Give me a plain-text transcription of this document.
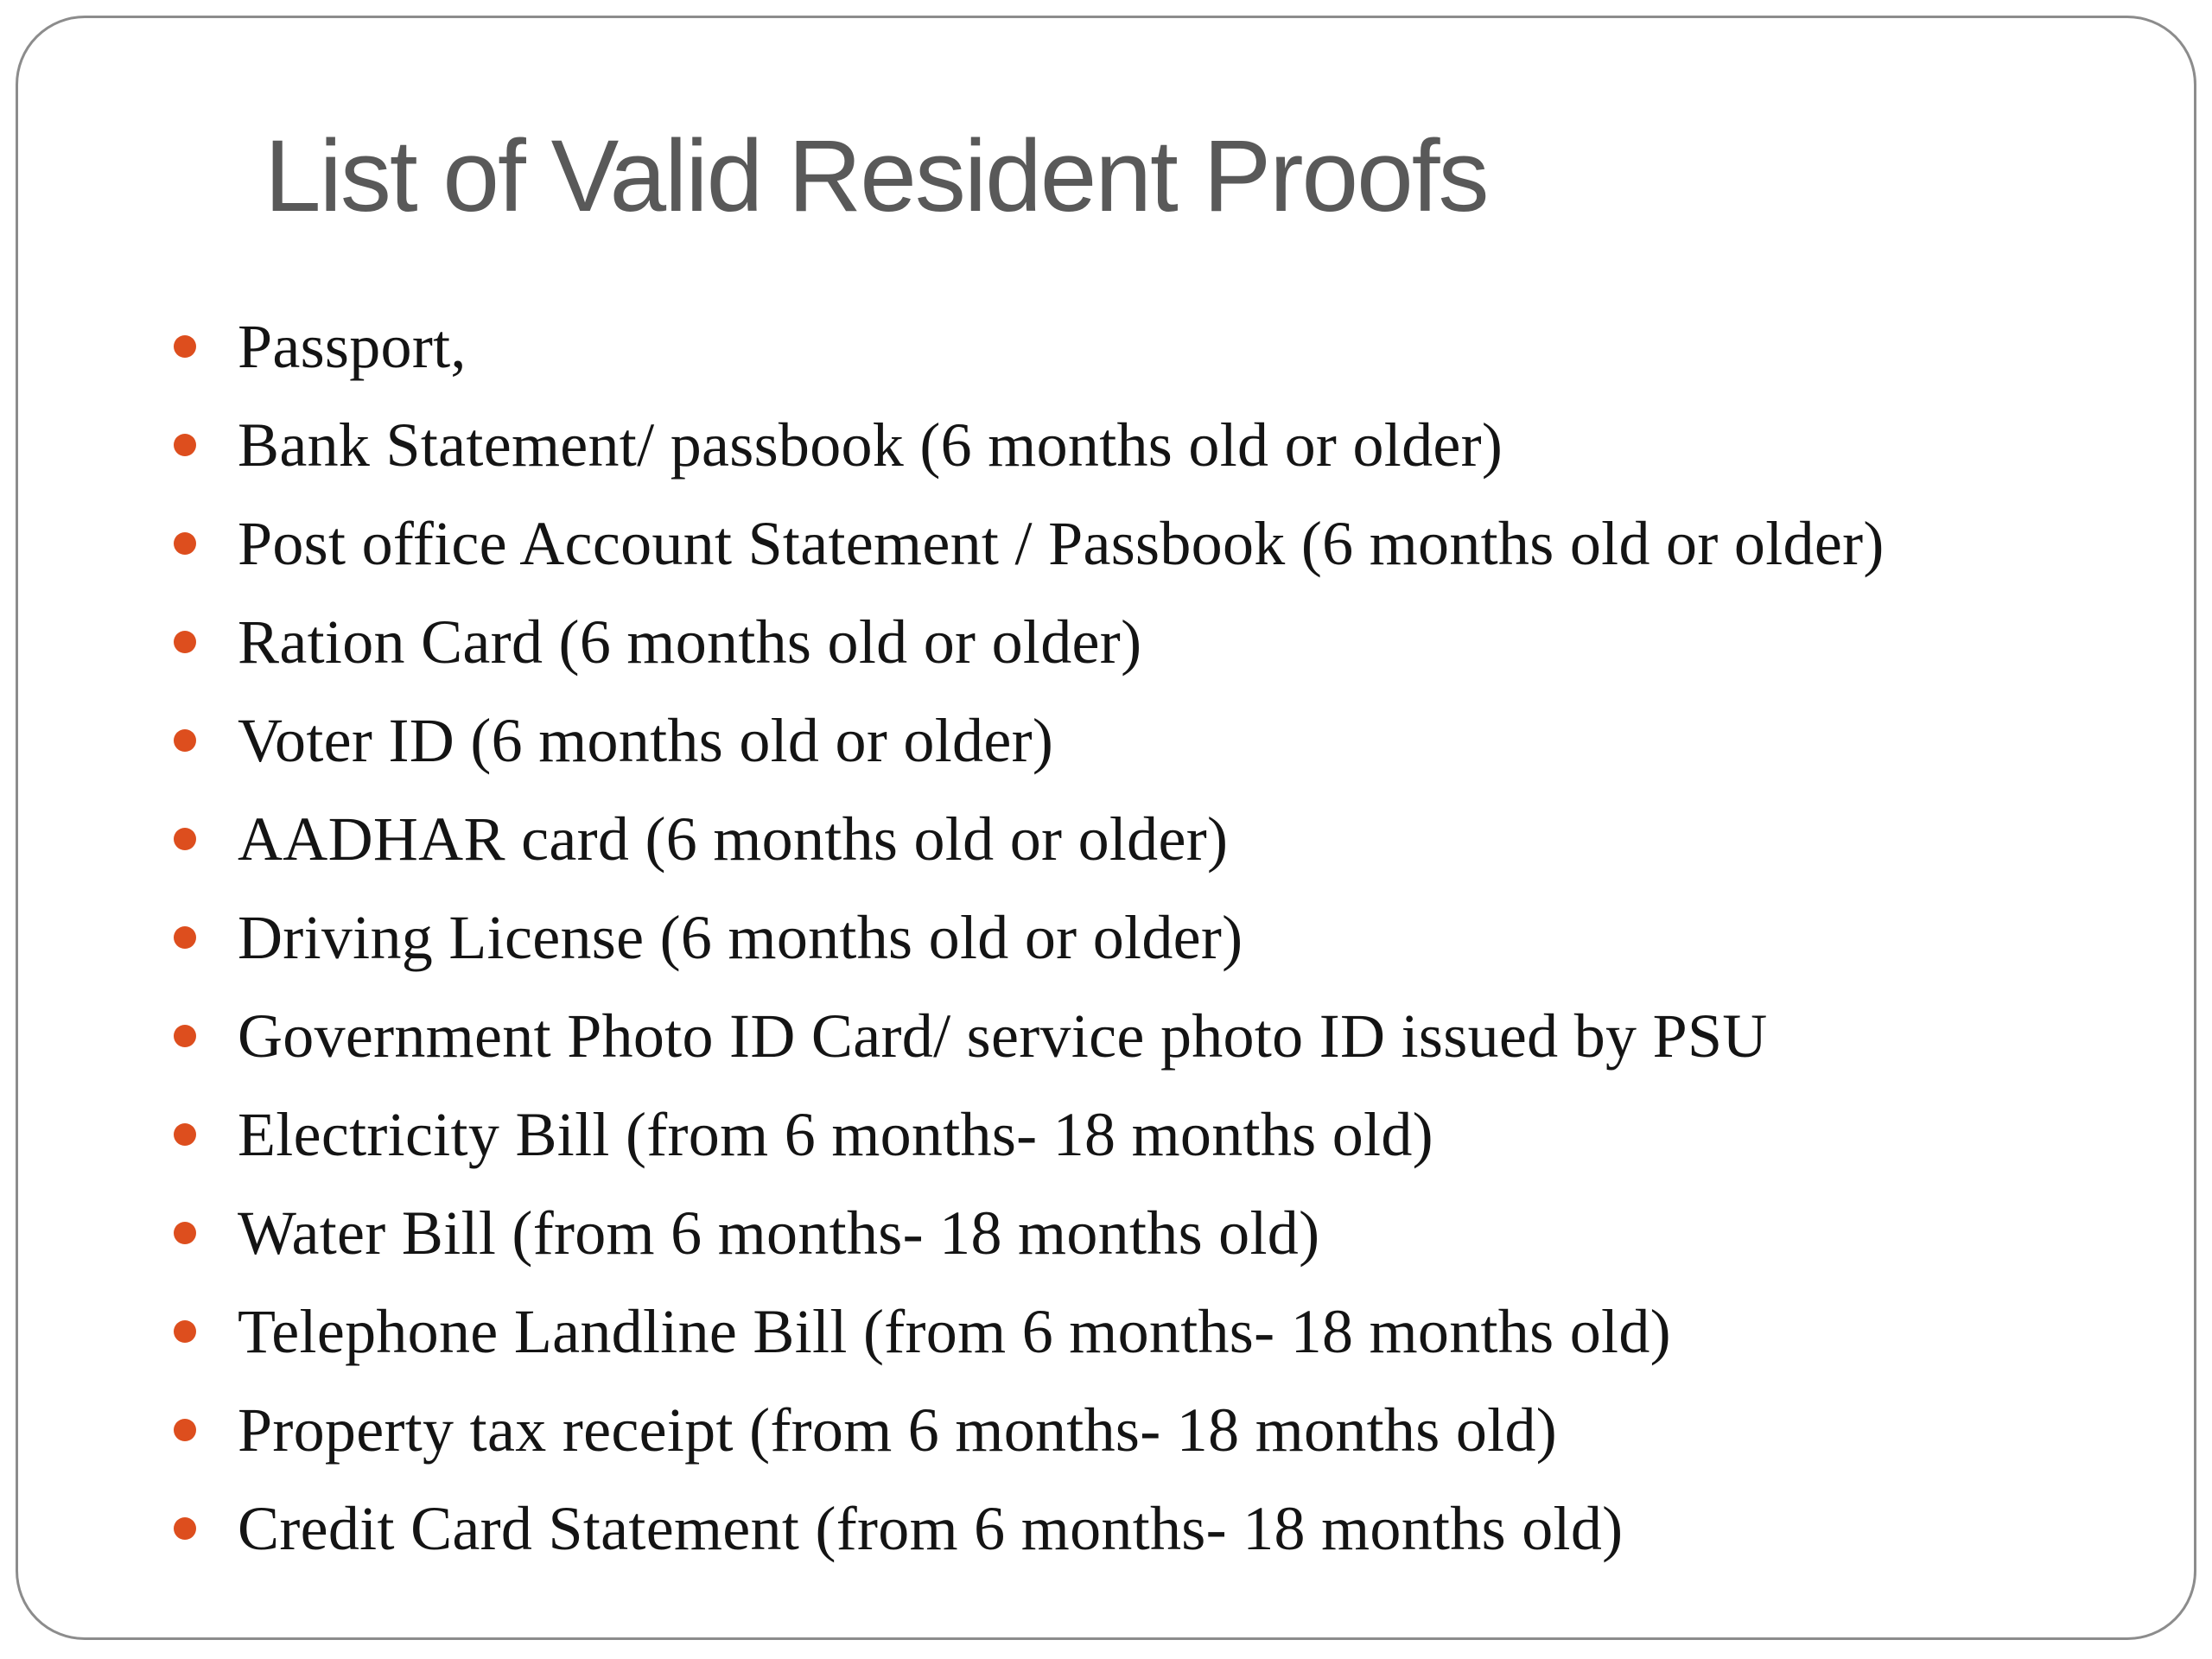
List of Valid Resident Proofs
Passport,
Bank Statement/ passbook (6 months old or older)
Post office Account Statement / Passbook (6 months old or older)
Ration Card (6 months old or older)
Voter ID (6 months old or older)
AADHAR card (6 months old or older)
Driving License (6 months old or older)
Government Photo ID Card/ service photo ID issued by PSU
Electricity Bill (from 6 months- 18 months old)
Water Bill (from 6 months- 18 months old)
Telephone Landline Bill (from 6 months- 18 months old)
Property tax receipt (from 6 months- 18 months old)
Credit Card Statement (from 6 months- 18 months old)
